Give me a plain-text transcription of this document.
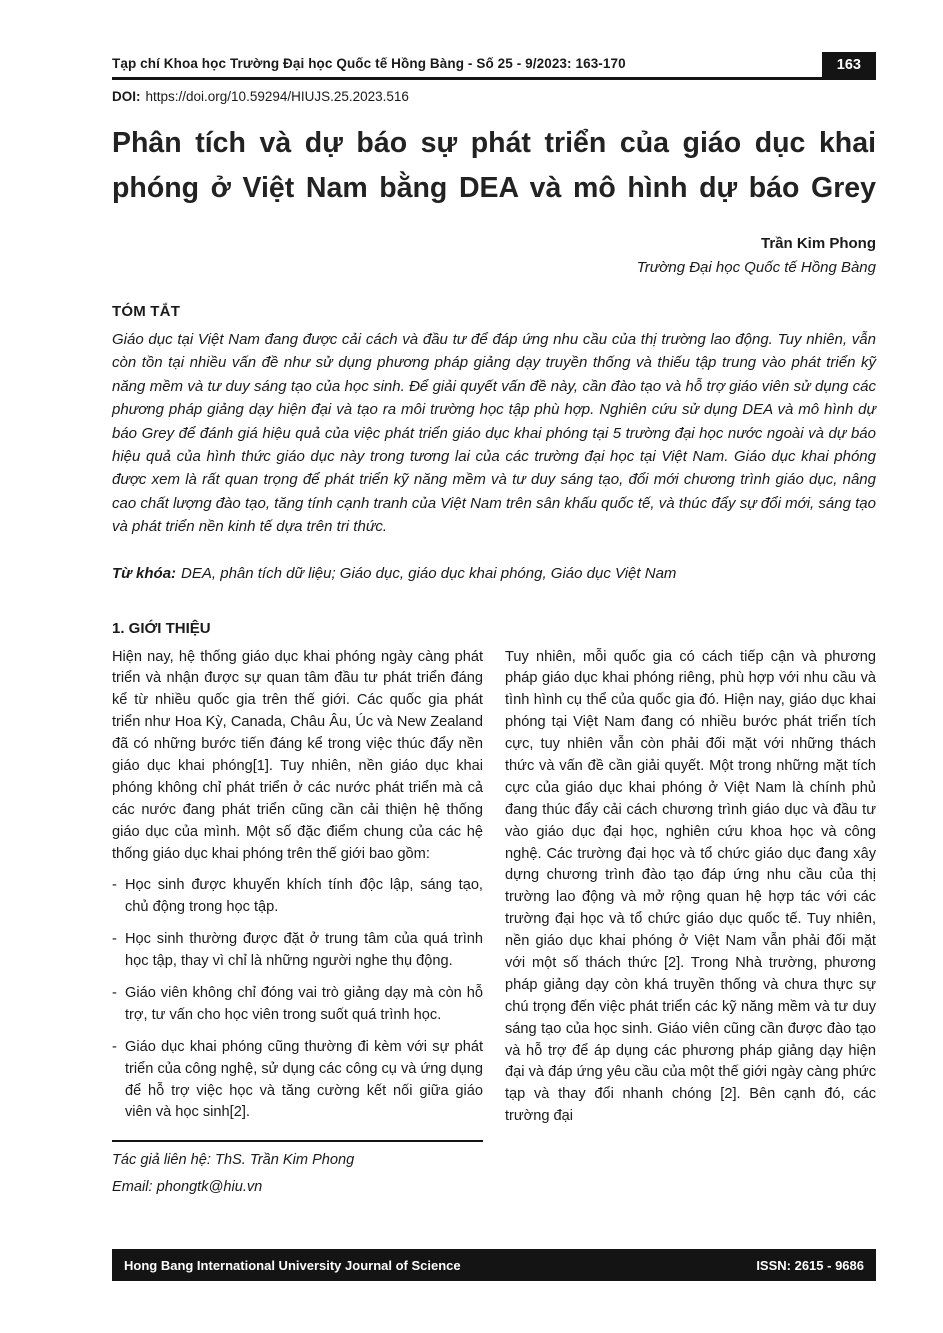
Tạp chí Khoa học Trường Đại học Quốc tế Hồng Bàng - Số 25 - 9/2023: 163-170	163
DOI: https://doi.org/10.59294/HIUJS.25.2023.516
Phân tích và dự báo sự phát triển của giáo dục khai phóng ở Việt Nam bằng DEA và mô hình dự báo Grey
Trần Kim Phong
Trường Đại học Quốc tế Hồng Bàng
TÓM TẮT

Giáo dục tại Việt Nam đang được cải cách và đầu tư để đáp ứng nhu cầu của thị trường lao động. Tuy nhiên, vẫn còn tồn tại nhiều vấn đề như sử dụng phương pháp giảng dạy truyền thống và thiếu tập trung vào phát triển kỹ năng mềm và tư duy sáng tạo của học sinh. Để giải quyết vấn đề này, cần đào tạo và hỗ trợ giáo viên sử dụng các phương pháp giảng dạy hiện đại và tạo ra môi trường học tập phù hợp. Nghiên cứu sử dụng DEA và mô hình dự báo Grey để đánh giá hiệu quả của việc phát triển giáo dục khai phóng tại 5 trường đại học nước ngoài và dự báo hiệu quả của hình thức giáo dục này trong tương lai của các trường đại học tại Việt Nam. Giáo dục khai phóng được xem là rất quan trọng để phát triển kỹ năng mềm và tư duy sáng tạo, đổi mới chương trình giáo dục, nâng cao chất lượng đào tạo, tăng tính cạnh tranh của Việt Nam trên sân khấu quốc tế, và thúc đẩy sự đổi mới, sáng tạo và phát triển nền kinh tế dựa trên tri thức.

Từ khóa: DEA, phân tích dữ liệu; Giáo dục, giáo dục khai phóng, Giáo dục Việt Nam

1. GIỚI THIỆU

Hiện nay, hệ thống giáo dục khai phóng ngày càng phát triển và nhận được sự quan tâm đầu tư phát triển đáng kể từ nhiều quốc gia trên thế giới. Các quốc gia phát triển như Hoa Kỳ, Canada, Châu Âu, Úc và New Zealand đã có những bước tiến đáng kể trong việc thúc đẩy nền giáo dục khai phóng[1]. Tuy nhiên, nền giáo dục khai phóng không chỉ phát triển ở các nước phát triển mà cả các nước đang phát triển cũng cần cải thiện hệ thống giáo dục của mình. Một số đặc điểm chung của các hệ thống giáo dục khai phóng trên thế giới bao gồm:

- Học sinh được khuyến khích tính độc lập, sáng tạo, chủ động trong học tập.
- Học sinh thường được đặt ở trung tâm của quá trình học tập, thay vì chỉ là những người nghe thụ động.
- Giáo viên không chỉ đóng vai trò giảng dạy mà còn hỗ trợ, tư vấn cho học viên trong suốt quá trình học.
- Giáo dục khai phóng cũng thường đi kèm với sự phát triển của công nghệ, sử dụng các công cụ và ứng dụng để hỗ trợ việc học và tăng cường kết nối giữa giáo viên và học sinh[2].
Tác giả liên hệ: ThS. Trần Kim Phong
Email: phongtk@hiu.vn

Tuy nhiên, mỗi quốc gia có cách tiếp cận và phương pháp giáo dục khai phóng riêng, phù hợp với nhu cầu và tình hình cụ thể của quốc gia đó. Hiện nay, giáo dục khai phóng tại Việt Nam đang có nhiều bước phát triển tích cực, tuy nhiên vẫn còn phải đối mặt với những thách thức và vấn đề cần giải quyết. Một trong những mặt tích cực của giáo dục khai phóng ở Việt Nam là chính phủ đang thúc đẩy cải cách chương trình giáo dục và đầu tư vào giáo dục đại học, nghiên cứu khoa học và công nghệ. Các trường đại học và tổ chức giáo dục đang xây dựng chương trình đào tạo đáp ứng nhu cầu của thị trường lao động và mở rộng quan hệ hợp tác với các trường đại học và tổ chức giáo dục quốc tế. Tuy nhiên, nền giáo dục khai phóng ở Việt Nam vẫn phải đối mặt với một số thách thức [2]. Trong Nhà trường, phương pháp giảng dạy còn khá truyền thống và chưa thực sự chú trọng đến việc phát triển các kỹ năng mềm và tư duy sáng tạo của học sinh. Giáo viên cũng cần được đào tạo và hỗ trợ để áp dụng các phương pháp giảng dạy hiện đại và đáp ứng yêu cầu của một thế giới ngày càng phức tạp và thay đổi nhanh chóng [2]. Bên cạnh đó, các trường đại

Hong Bang International University Journal of Science	ISSN: 2615 - 9686
